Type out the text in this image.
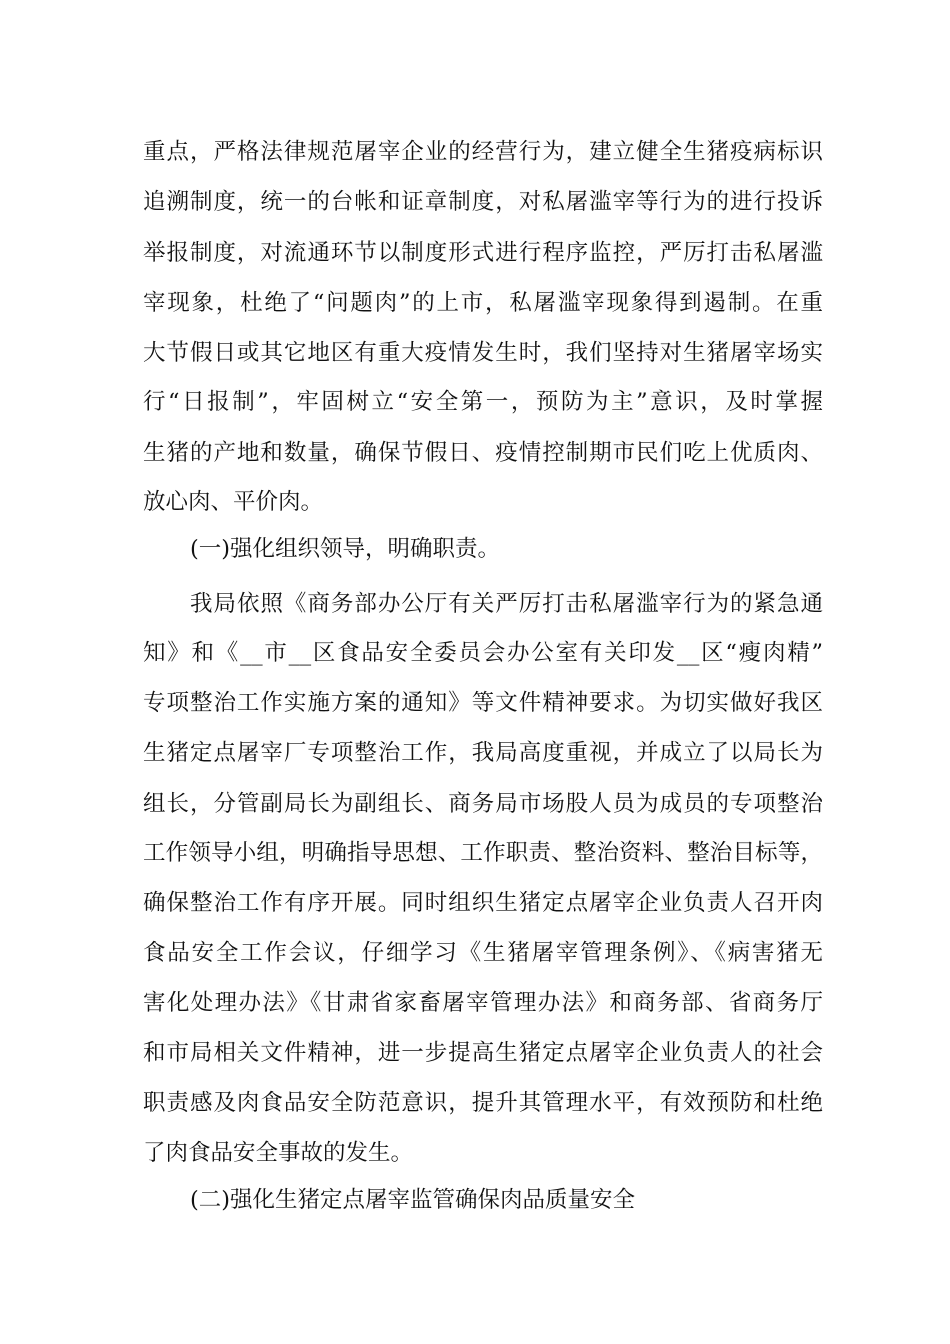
重点，严格法律规范屠宰企业的经营行为，建立健全生猪疫病标识
追溯制度，统一的台帐和证章制度，对私屠滥宰等行为的进行投诉
举报制度，对流通环节以制度形式进行程序监控，严厉打击私屠滥
宰现象，杜绝了“问题肉”的上市，私屠滥宰现象得到遏制。在重
大节假日或其它地区有重大疫情发生时，我们坚持对生猪屠宰场实
行“日报制”，牢固树立“安全第一，预防为主”意识，及时掌握
生猪的产地和数量，确保节假日、疫情控制期市民们吃上优质肉、
放心肉、平价肉。
(一)强化组织领导，明确职责。
我局依照《商务部办公厅有关严厉打击私屠滥宰行为的紧急通
知》和《__市__区食品安全委员会办公室有关印发__区“瘦肉精”
专项整治工作实施方案的通知》等文件精神要求。为切实做好我区
生猪定点屠宰厂专项整治工作，我局高度重视，并成立了以局长为
组长，分管副局长为副组长、商务局市场股人员为成员的专项整治
工作领导小组，明确指导思想、工作职责、整治资料、整治目标等，
确保整治工作有序开展。同时组织生猪定点屠宰企业负责人召开肉
食品安全工作会议，仔细学习《生猪屠宰管理条例》、《病害猪无
害化处理办法》《甘肃省家畜屠宰管理办法》和商务部、省商务厅
和市局相关文件精神，进一步提高生猪定点屠宰企业负责人的社会
职责感及肉食品安全防范意识，提升其管理水平，有效预防和杜绝
了肉食品安全事故的发生。
(二)强化生猪定点屠宰监管确保肉品质量安全
